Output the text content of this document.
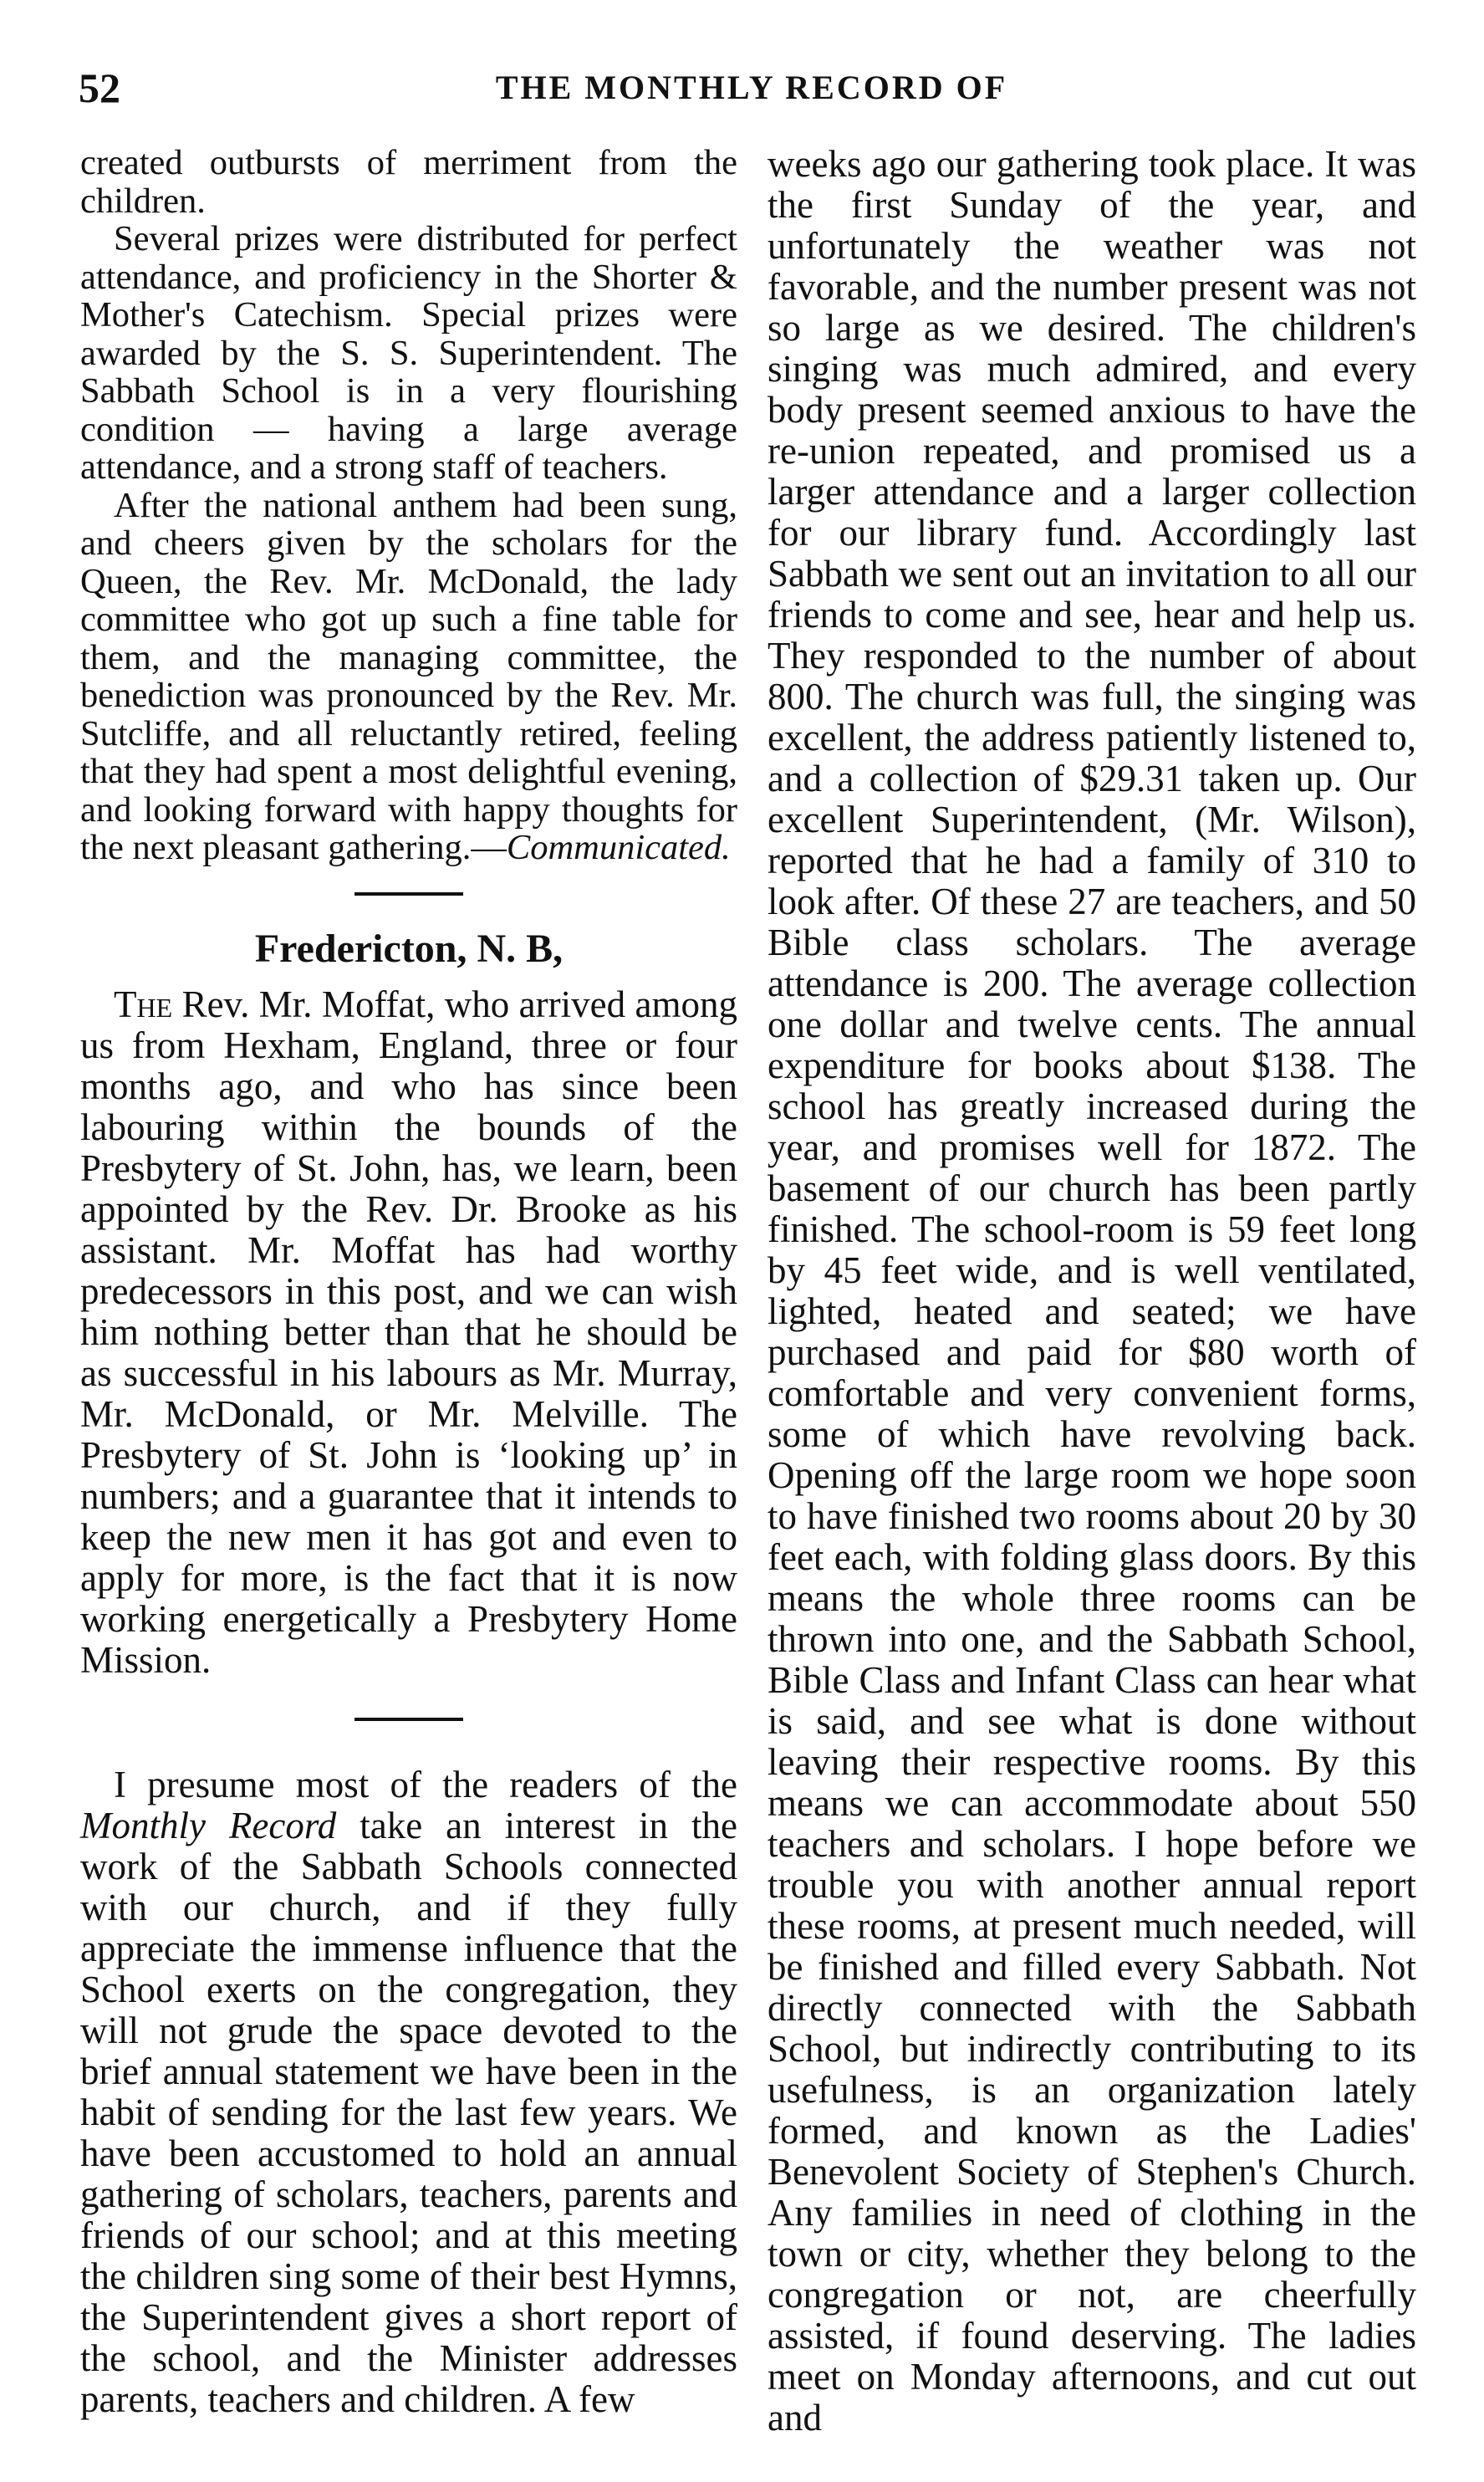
52	THE MONTHLY RECORD OF

created outbursts of merriment from the children.

Several prizes were distributed for perfect attendance, and proficiency in the Shorter & Mother's Catechism. Special prizes were awarded by the S. S. Superintendent. The Sabbath School is in a very flourishing condition — having a large average attendance, and a strong staff of teachers.

After the national anthem had been sung, and cheers given by the scholars for the Queen, the Rev. Mr. McDonald, the lady committee who got up such a fine table for them, and the managing committee, the benediction was pronounced by the Rev. Mr. Sutcliffe, and all reluctantly retired, feeling that they had spent a most delightful evening, and looking forward with happy thoughts for the next pleasant gathering.—Communicated.

Fredericton, N. B,

The Rev. Mr. Moffat, who arrived among us from Hexham, England, three or four months ago, and who has since been labouring within the bounds of the Presbytery of St. John, has, we learn, been appointed by the Rev. Dr. Brooke as his assistant. Mr. Moffat has had worthy predecessors in this post, and we can wish him nothing better than that he should be as successful in his labours as Mr. Murray, Mr. McDonald, or Mr. Melville. The Presbytery of St. John is ‘looking up’ in numbers; and a guarantee that it intends to keep the new men it has got and even to apply for more, is the fact that it is now working energetically a Presbytery Home Mission.

I presume most of the readers of the Monthly Record take an interest in the work of the Sabbath Schools connected with our church, and if they fully appreciate the immense influence that the School exerts on the congregation, they will not grude the space devoted to the brief annual statement we have been in the habit of sending for the last few years. We have been accustomed to hold an annual gathering of scholars, teachers, parents and friends of our school; and at this meeting the children sing some of their best Hymns, the Superintendent gives a short report of the school, and the Minister addresses parents, teachers and children. A few

weeks ago our gathering took place. It was the first Sunday of the year, and unfortunately the weather was not favorable, and the number present was not so large as we desired. The children's singing was much admired, and every body present seemed anxious to have the re-union repeated, and promised us a larger attendance and a larger collection for our library fund. Accordingly last Sabbath we sent out an invitation to all our friends to come and see, hear and help us. They responded to the number of about 800. The church was full, the singing was excellent, the address patiently listened to, and a collection of $29.31 taken up. Our excellent Superintendent, (Mr. Wilson), reported that he had a family of 310 to look after. Of these 27 are teachers, and 50 Bible class scholars. The average attendance is 200. The average collection one dollar and twelve cents. The annual expenditure for books about $138. The school has greatly increased during the year, and promises well for 1872. The basement of our church has been partly finished. The school-room is 59 feet long by 45 feet wide, and is well ventilated, lighted, heated and seated; we have purchased and paid for $80 worth of comfortable and very convenient forms, some of which have revolving back. Opening off the large room we hope soon to have finished two rooms about 20 by 30 feet each, with folding glass doors. By this means the whole three rooms can be thrown into one, and the Sabbath School, Bible Class and Infant Class can hear what is said, and see what is done without leaving their respective rooms. By this means we can accommodate about 550 teachers and scholars. I hope before we trouble you with another annual report these rooms, at present much needed, will be finished and filled every Sabbath. Not directly connected with the Sabbath School, but indirectly contributing to its usefulness, is an organization lately formed, and known as the Ladies' Benevolent Society of Stephen's Church. Any families in need of clothing in the town or city, whether they belong to the congregation or not, are cheerfully assisted, if found deserving. The ladies meet on Monday afternoons, and cut out and
